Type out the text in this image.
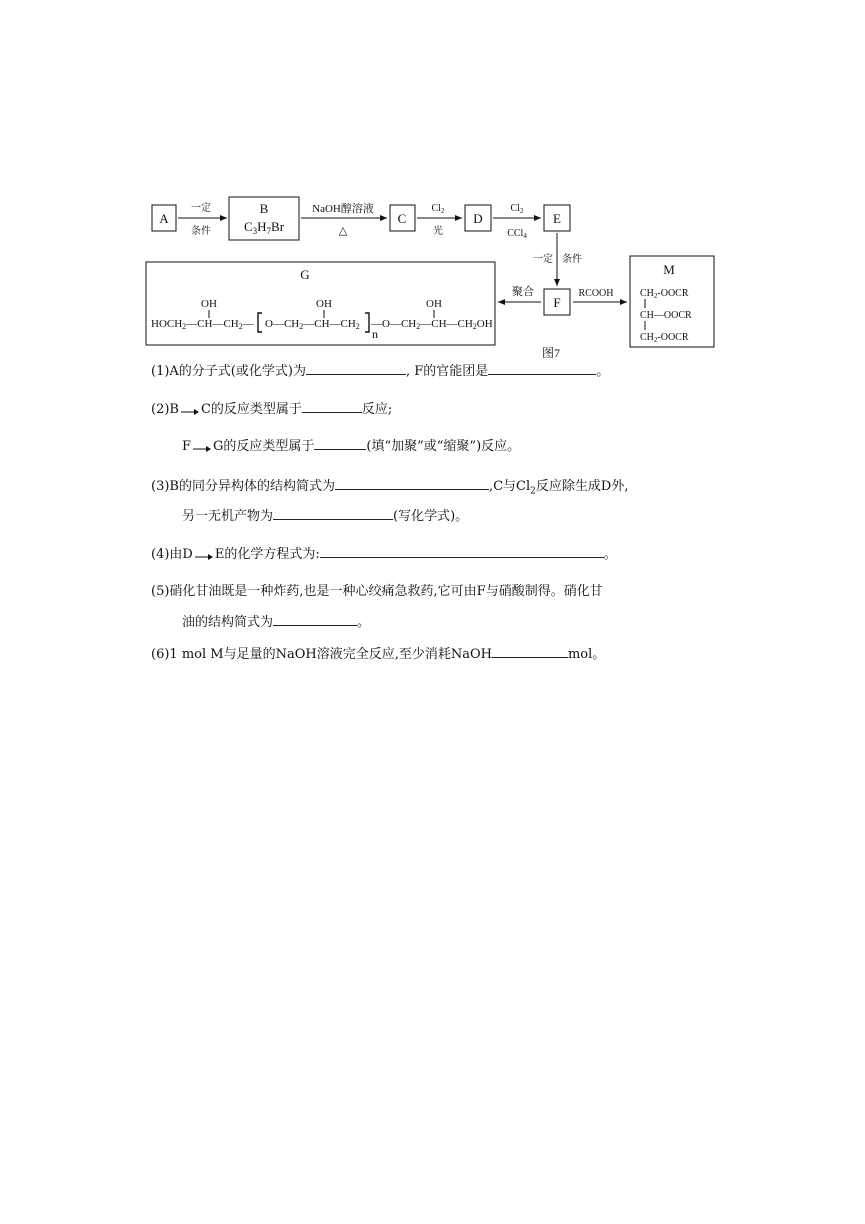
A
一定
条件
B
$C_3H_7Br$
NaOH醇溶液
△
C
$Cl_2$
光
D
$Cl_2$
CCl$_4$
E
一定 条件
F
聚合	RCOOH
G
OH	OH	OH
HOCH2—CH—CH2— O—CH2—CH—CH2
n
—O—CH2—CH—CH2OH
M
$CH_2$-OOCR
CH—OOCR
$CH_2$-OOCR
图7
(1)A的分子式(或化学式)为	, F的官能团是	。
(2)B C的反应类型属于	反应;
F G的反应类型属于	(填“加聚”或“缩聚”)反应。
(3)B的同分异构体的结构简式为	,C与$Cl_2$反应除生成D外,
另一无机产物为	(写化学式)。
(4)由D E的化学方程式为:	。
(5)硝化甘油既是一种炸药,也是一种心绞痛急救药,它可由F与硝酸制得。硝化甘
油的结构简式为	。
(6)1 mol M与足量的NaOH溶液完全反应,至少消耗NaOH	mol。
